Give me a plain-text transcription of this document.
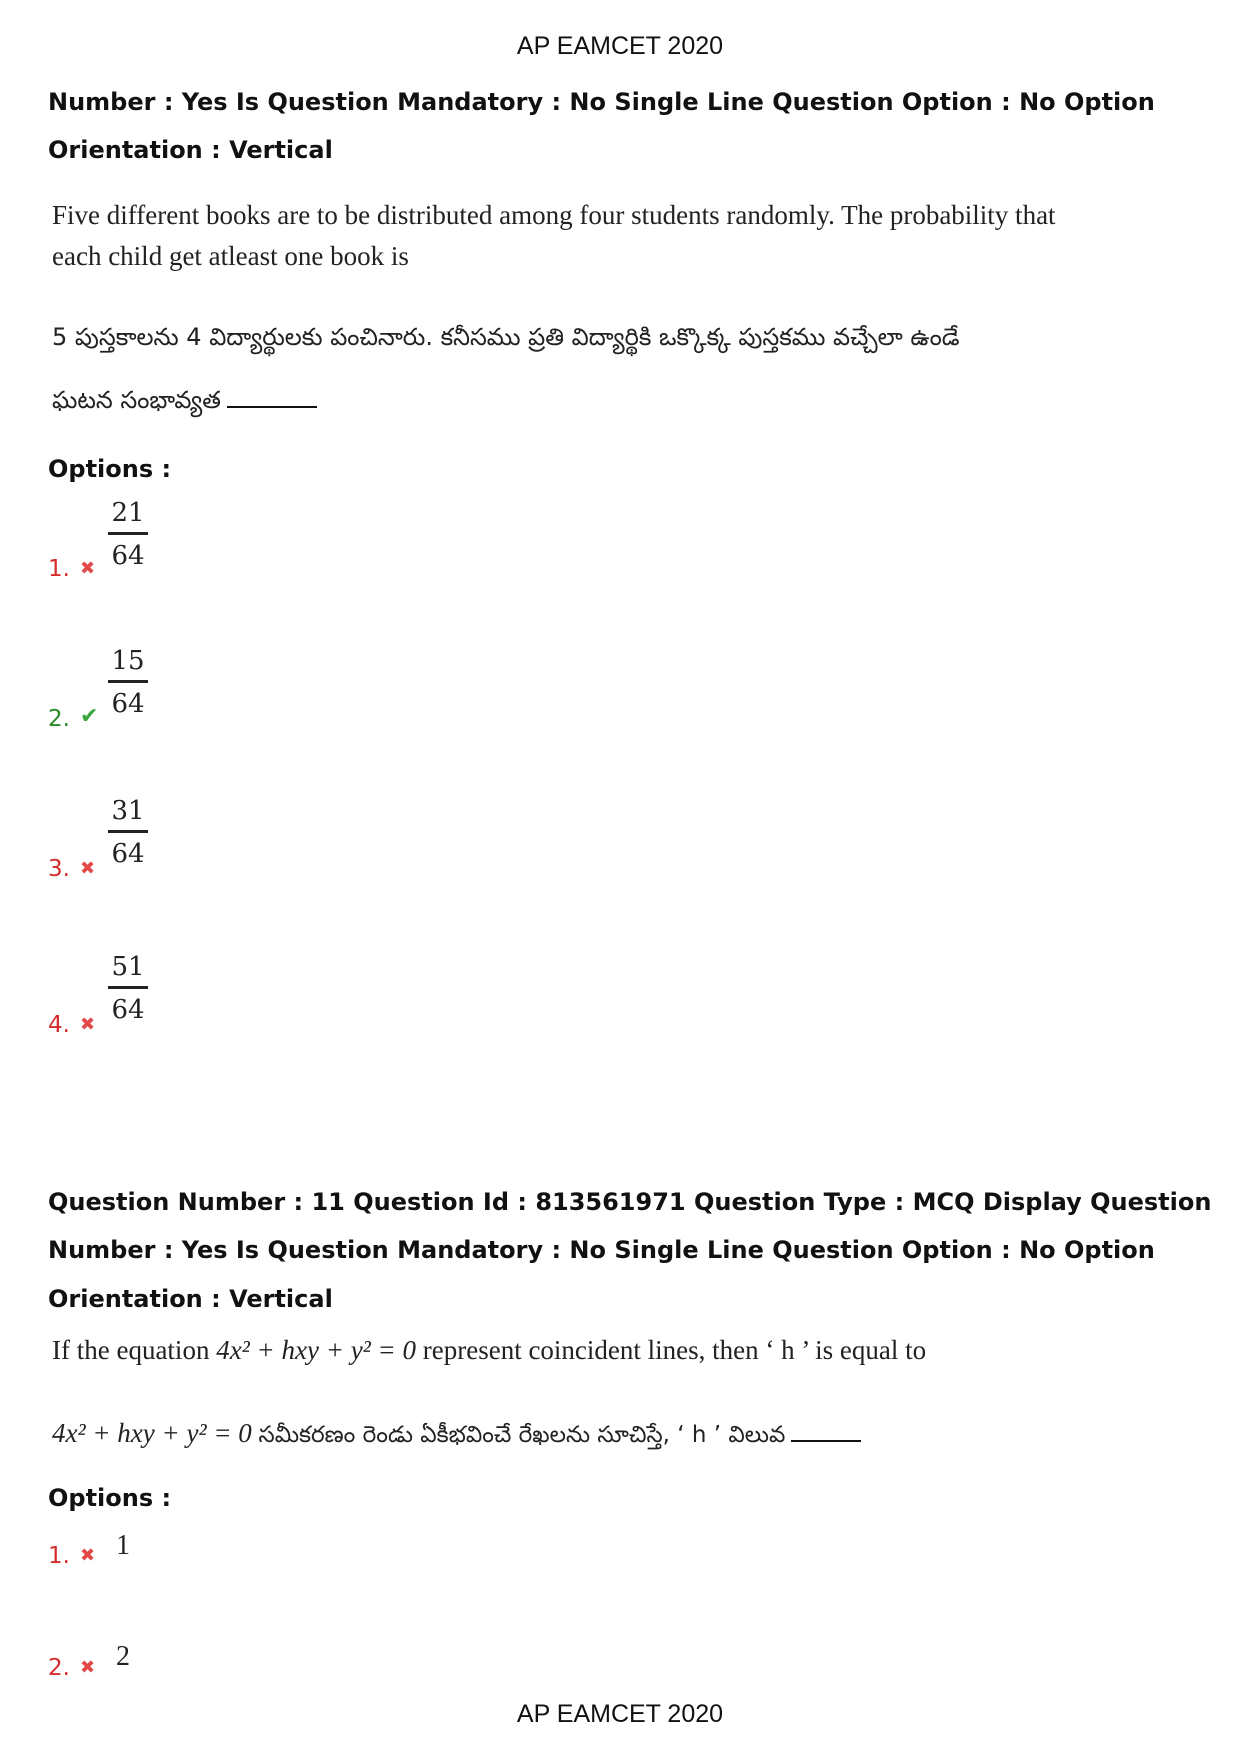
AP EAMCET 2020
Number : Yes Is Question Mandatory : No Single Line Question Option : No Option
Orientation : Vertical
Five different books are to be distributed among four students randomly. The probability that
each child get atleast one book is
5 పుస్తకాలను 4 విద్యార్థులకు పంచినారు. కనీసము ప్రతి విద్యార్థికి ఒక్కొక్క పుస్తకము వచ్చేలా ఉండే
ఘటన సంభావ్యత
Options :
1. ✖ $\frac{21}{64}$
2. ✔ $\frac{15}{64}$
3. ✖ $\frac{31}{64}$
4. ✖ $\frac{51}{64}$
Question Number : 11 Question Id : 813561971 Question Type : MCQ Display Question
Number : Yes Is Question Mandatory : No Single Line Question Option : No Option
Orientation : Vertical
If the equation 4x² + hxy + y² = 0 represent coincident lines, then ‘ h ’ is equal to
4x² + hxy + y² = 0 సమీకరణం రెండు ఏకీభవించే రేఖలను సూచిస్తే, ‘ h ’ విలువ
Options :
1. ✖ 1
2. ✖ 2
AP EAMCET 2020
